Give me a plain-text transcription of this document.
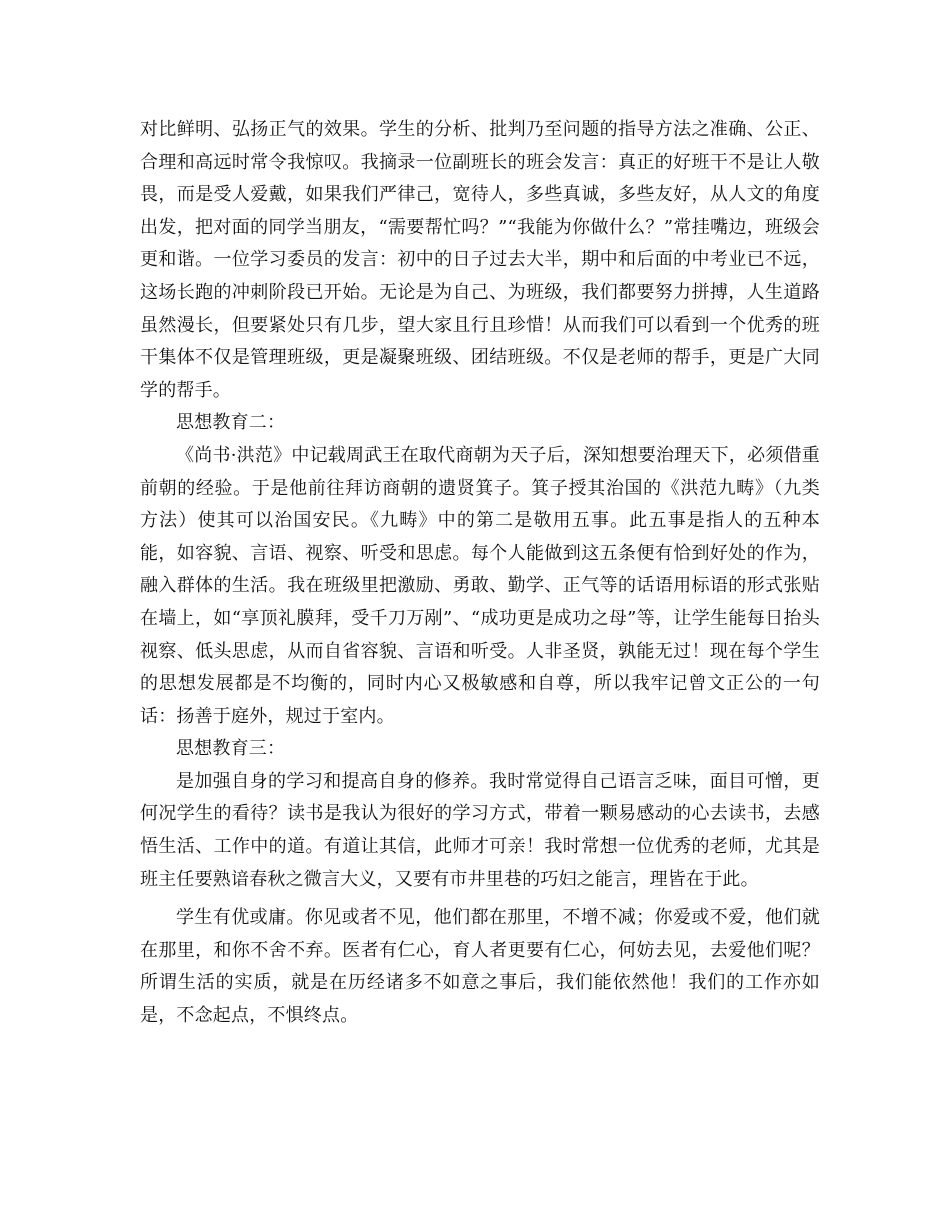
对比鲜明、弘扬正气的效果。学生的分析、批判乃至问题的指导方法之准确、公正、合理和高远时常令我惊叹。我摘录一位副班长的班会发言：真正的好班干不是让人敬畏，而是受人爱戴，如果我们严律己，宽待人，多些真诚，多些友好，从人文的角度出发，把对面的同学当朋友，“需要帮忙吗？”“我能为你做什么？”常挂嘴边，班级会更和谐。一位学习委员的发言：初中的日子过去大半，期中和后面的中考业已不远，这场长跑的冲刺阶段已开始。无论是为自己、为班级，我们都要努力拼搏，人生道路虽然漫长，但要紧处只有几步，望大家且行且珍惜！从而我们可以看到一个优秀的班干集体不仅是管理班级，更是凝聚班级、团结班级。不仅是老师的帮手，更是广大同学的帮手。

思想教育二：

《尚书·洪范》中记载周武王在取代商朝为天子后，深知想要治理天下，必须借重前朝的经验。于是他前往拜访商朝的遗贤箕子。箕子授其治国的《洪范九畴》（九类方法）使其可以治国安民。《九畴》中的第二是敬用五事。此五事是指人的五种本能，如容貌、言语、视察、听受和思虑。每个人能做到这五条便有恰到好处的作为，融入群体的生活。我在班级里把激励、勇敢、勤学、正气等的话语用标语的形式张贴在墙上，如“享顶礼膜拜，受千刀万剐”、“成功更是成功之母”等，让学生能每日抬头视察、低头思虑，从而自省容貌、言语和听受。人非圣贤，孰能无过！现在每个学生的思想发展都是不均衡的，同时内心又极敏感和自尊，所以我牢记曾文正公的一句话：扬善于庭外，规过于室内。

思想教育三：

是加强自身的学习和提高自身的修养。我时常觉得自己语言乏味，面目可憎，更何况学生的看待？读书是我认为很好的学习方式，带着一颗易感动的心去读书，去感悟生活、工作中的道。有道让其信，此师才可亲！我时常想一位优秀的老师，尤其是班主任要熟谙春秋之微言大义，又要有市井里巷的巧妇之能言，理皆在于此。

学生有优或庸。你见或者不见，他们都在那里，不增不减；你爱或不爱，他们就在那里，和你不舍不弃。医者有仁心，育人者更要有仁心，何妨去见，去爱他们呢？所谓生活的实质，就是在历经诸多不如意之事后，我们能依然他！我们的工作亦如是，不念起点，不惧终点。
